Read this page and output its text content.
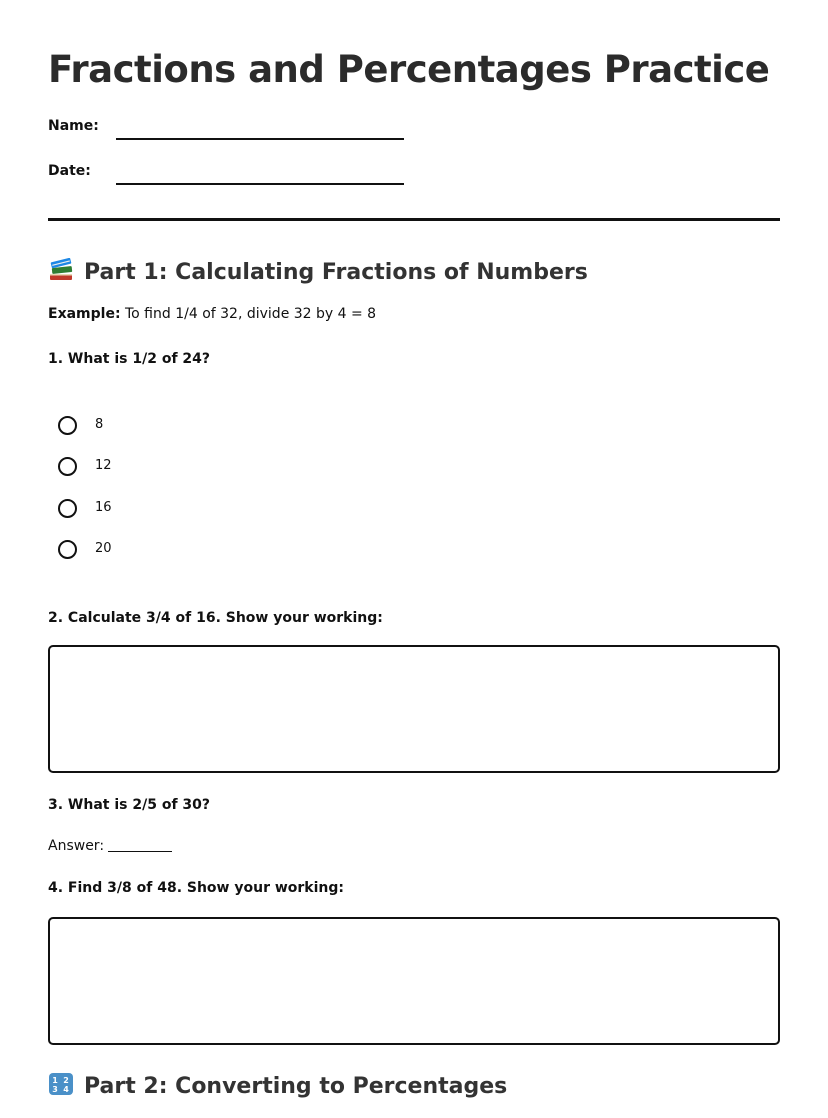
Fractions and Percentages Practice
Name:
Date:
Part 1: Calculating Fractions of Numbers
Example: To find 1/4 of 32, divide 32 by 4 = 8
1. What is 1/2 of 24?
8
12
16
20
2. Calculate 3/4 of 16. Show your working:
3. What is 2/5 of 30?
Answer:
4. Find 3/8 of 48. Show your working:
1 2
3 4 Part 2: Converting to Percentages
